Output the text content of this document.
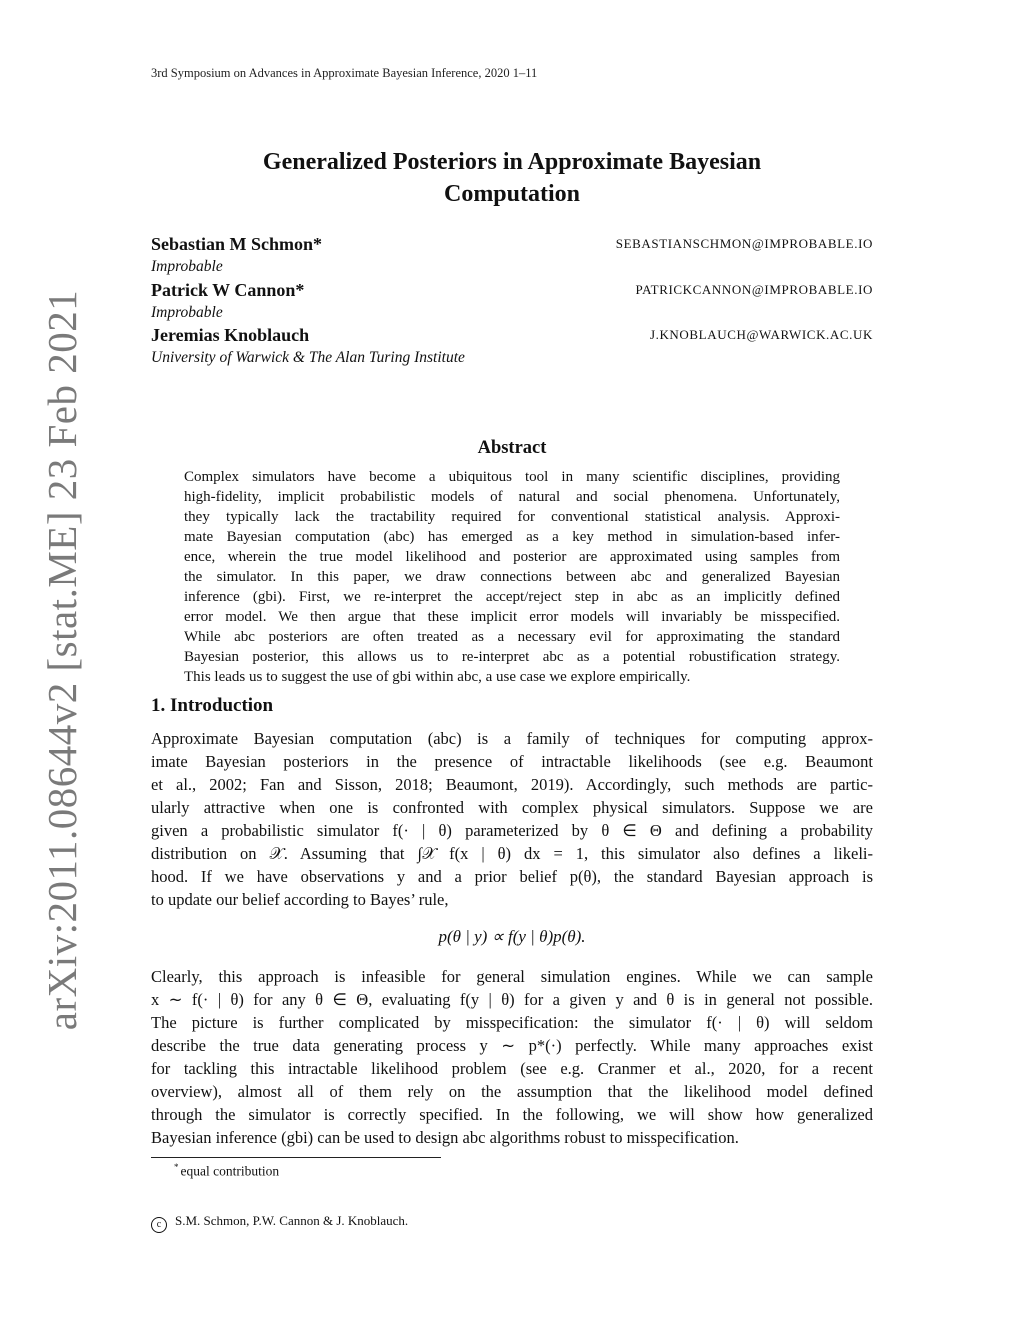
3rd Symposium on Advances in Approximate Bayesian Inference, 2020 1–11
arXiv:2011.08644v2 [stat.ME] 23 Feb 2021
Generalized Posteriors in Approximate Bayesian
Computation
Sebastian M Schmon*	SEBASTIANSCHMON@IMPROBABLE.IO
Improbable
Patrick W Cannon*	PATRICKCANNON@IMPROBABLE.IO
Improbable
Jeremias Knoblauch	J.KNOBLAUCH@WARWICK.AC.UK
University of Warwick & The Alan Turing Institute
Abstract
Complex simulators have become a ubiquitous tool in many scientific disciplines, providing
high-fidelity, implicit probabilistic models of natural and social phenomena. Unfortunately,
they typically lack the tractability required for conventional statistical analysis. Approxi-
mate Bayesian computation (abc) has emerged as a key method in simulation-based infer-
ence, wherein the true model likelihood and posterior are approximated using samples from
the simulator. In this paper, we draw connections between abc and generalized Bayesian
inference (gbi). First, we re-interpret the accept/reject step in abc as an implicitly defined
error model. We then argue that these implicit error models will invariably be misspecified.
While abc posteriors are often treated as a necessary evil for approximating the standard
Bayesian posterior, this allows us to re-interpret abc as a potential robustification strategy.
This leads us to suggest the use of gbi within abc, a use case we explore empirically.
1. Introduction
Approximate Bayesian computation (abc) is a family of techniques for computing approx-
imate Bayesian posteriors in the presence of intractable likelihoods (see e.g. Beaumont
et al., 2002; Fan and Sisson, 2018; Beaumont, 2019). Accordingly, such methods are partic-
ularly attractive when one is confronted with complex physical simulators. Suppose we are
given a probabilistic simulator f(· | θ) parameterized by θ ∈ Θ and defining a probability
distribution on 𝒳. Assuming that ∫𝒳 f(x | θ) dx = 1, this simulator also defines a likeli-
hood. If we have observations y and a prior belief p(θ), the standard Bayesian approach is
to update our belief according to Bayes’ rule,
p(θ | y) ∝ f(y | θ)p(θ).
Clearly, this approach is infeasible for general simulation engines. While we can sample
x ∼ f(· | θ) for any θ ∈ Θ, evaluating f(y | θ) for a given y and θ is in general not possible.
The picture is further complicated by misspecification: the simulator f(· | θ) will seldom
describe the true data generating process y ∼ p*(·) perfectly. While many approaches exist
for tackling this intractable likelihood problem (see e.g. Cranmer et al., 2020, for a recent
overview), almost all of them rely on the assumption that the likelihood model defined
through the simulator is correctly specified. In the following, we will show how generalized
Bayesian inference (gbi) can be used to design abc algorithms robust to misspecification.
* equal contribution
c S.M. Schmon, P.W. Cannon & J. Knoblauch.
